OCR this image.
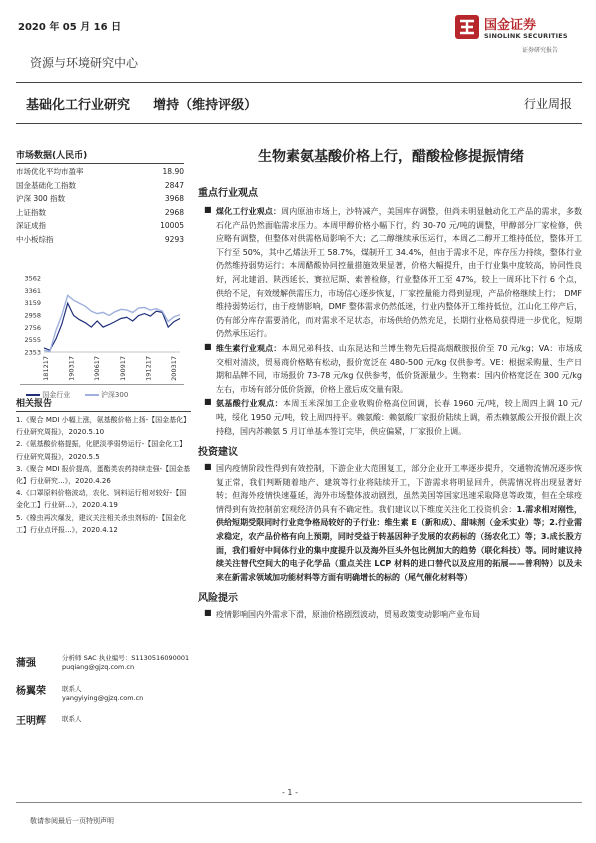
2020 年 05 月 16 日	国金证券
SINOLINK SECURITIES
证券研究报告
资源与环境研究中心
基础化工行业研究 增持（维持评级）	行业周报
市场数据(人民币)
市场优化平均市盈率	18.90
国金基础化工指数	2847
沪深 300 指数	3968
上证指数	2968
深证成指	10005
中小板综指	9293
3562
3361
3159
2958
2756
2555
2353
181217	190317	190617	190917	191217	200317
国金行业	沪深300
相关报告
1.《聚合 MDI 小幅上涨，氨基酸价格上扬-【国金基化】行业研究周报》，2020.5.10
2.《氨基酸价格提振，化肥淡季弱势运行-【国金化工】行业研究周报》，2020.5.5
3.《聚合 MDI 报价提高，蛋酯类农药持续走强-【国金基化】行业研究...》，2020.4.26
4.《口罩原料价格波动，农化、饲料运行相对较好-【国金化工】行业研...》，2020.4.19
5.《橡虫再次爆发，建议关注相关杀虫剂标的-【国金化工】行业点评报...》，2020.4.12
蒲强	分析师 SAC 执业编号：S1130516090001
puqiang@gjzq.com.cn
杨翼荣	联系人
yangyiying@gjzq.com.cn
王明辉	联系人
生物素氨基酸价格上行，醋酸检修提振情绪
重点行业观点
■ 煤化工行业观点：周内原油市场上，沙特减产，美国库存调整，但尚未明显触动化工产品的需求，多数石化产品仍然面临需求压力。本周甲醇价格小幅下行，约 30-70 元/吨的调整，甲醇部分厂家检修，供应略有调整，但整体对供需格局影响不大；乙二醇继续承压运行，本周乙二醇开工维持低位，整体开工下行至 50%，其中乙烯法开工 58.7%，煤制开工 34.4%，但由于需求不足，库存压力持续，整体行业仍然维持弱势运行；本周醋酸协同控量措施效果显著，价格大幅提升，由于行业集中度较高，协同性良好，河北建滔、陕西延长、赛拉尼斯、索普检修，行业整体开工至 47%，较上一周环比下行 6 个点，供给不足，有效缓解供需压力，市场信心逐步恢复，厂家控量能力得到显现，产品价格继续上行；　DMF 维持弱势运行，由于疫情影响，DMF 整体需求仍然低迷，行业内整体开工维持低位，江山化工停产后，仍有部分库存需要消化，而对需求不足状态，市场供给仍然充足，长期行业格局获得进一步优化，短期仍然承压运行。
■ 维生素行业观点：本周兄弟科技、山东昆达和兰博生物先后提高烟酰胺报价至 70 元/kg；VA：市场成交相对清淡，贸易商价格略有松动，报价宽泛在 480-500 元/kg 仅供参考。VE：根据采购量、生产日期和品牌不同，市场报价 73-78 元/kg 仅供参考，低价货源量少。生物素：国内价格宽泛在 300 元/kg 左右，市场有部分低价货源，价格上涨后成交量有限。
■ 氨基酸行业观点：本周玉米深加工企业收购价格高位回调，长春 1960 元/吨，较上周四上调 10 元/吨，绥化 1950 元/吨，较上周四持平。赖氨酸：赖氨酸厂家报价陆续上调，希杰赖氨酸公开报价跟上次持稳，国内苏赖氨 5 月订单基本签订完毕，供应偏紧，厂家报价上调。
投资建议
■ 国内疫情阶段性得到有效控制，下游企业大范围复工，部分企业开工率逐步提升，交通物流情况逐步恢复正常，我们判断随着地产、建筑等行业将陆续开工，下游需求将明显回升，供需情况将出现显著好转；但海外疫情快速蔓延，海外市场整体波动剧烈，虽然美国等国家迅速采取降息等政策，但在全球疫情得到有效控制前宏观经济仍具有不确定性。我们建议以下维度关注化工投资机会：1.需求相对刚性，供给短期受限同时行业竞争格局较好的子行业：维生素 E（新和成）、甜味剂（金禾实业）等；2.行业需求稳定，农产品价格有向上预期，同时受益于转基因种子发展的农药标的（扬农化工）等；3.成长股方面，我们看好中间体行业的集中度提升以及海外巨头外包比例加大的趋势（联化科技）等。同时建议持续关注替代空间大的电子化学品（重点关注 LCP 材料的进口替代以及应用的拓展——普利特）以及未来在新需求领域加功能材料等方面有明确增长的标的（尾气催化材料等）
风险提示
■ 疫情影响国内外需求下滑，原油价格剧烈波动，贸易政策变动影响产业布局
- 1 -
敬请参阅最后一页特别声明
